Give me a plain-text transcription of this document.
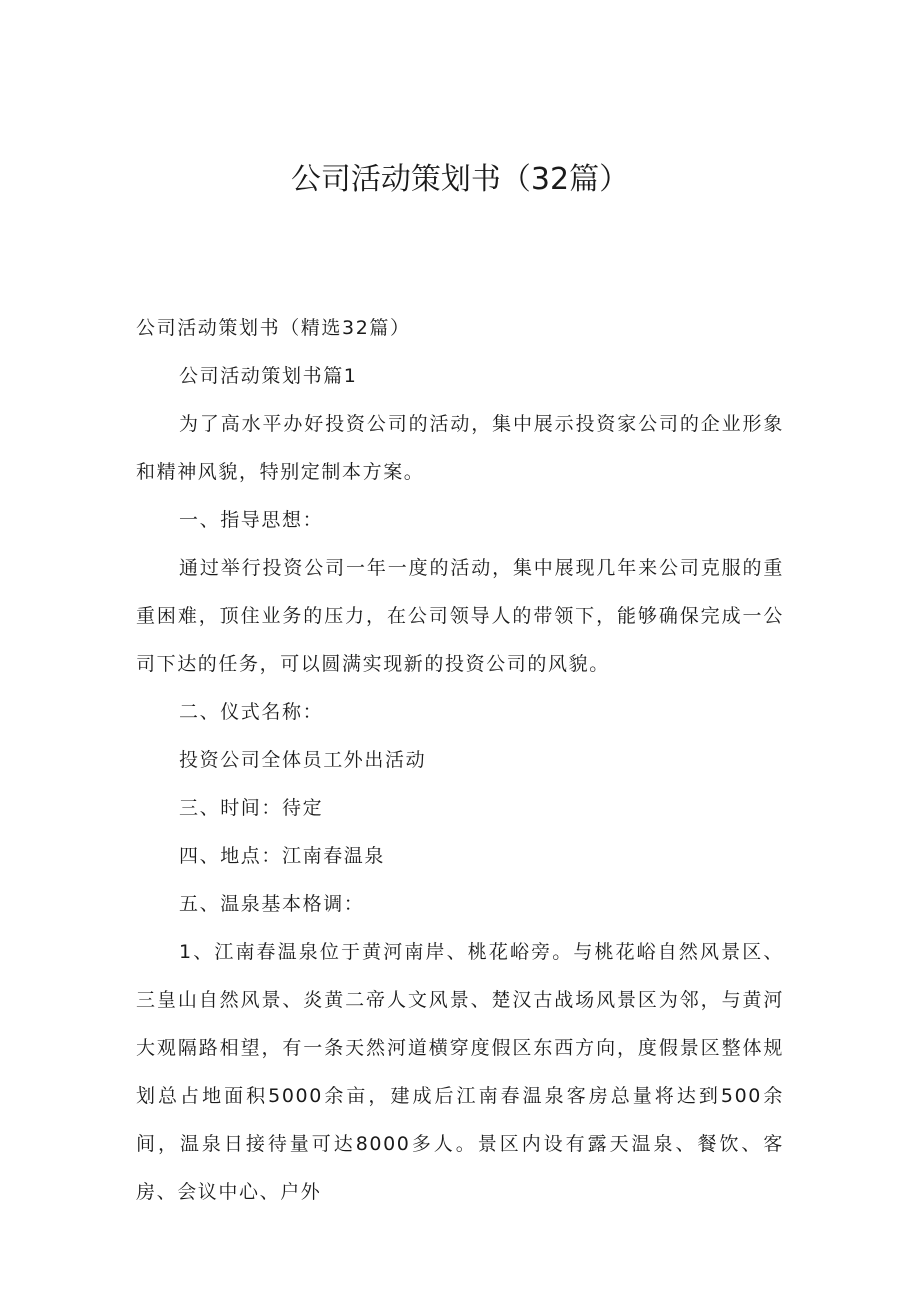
公司活动策划书（32篇）

公司活动策划书（精选32篇）

公司活动策划书篇1

为了高水平办好投资公司的活动，集中展示投资家公司的企业形象和精神风貌，特别定制本方案。

一、指导思想：

通过举行投资公司一年一度的活动，集中展现几年来公司克服的重重困难，顶住业务的压力，在公司领导人的带领下，能够确保完成一公司下达的任务，可以圆满实现新的投资公司的风貌。

二、仪式名称：

投资公司全体员工外出活动

三、时间：待定

四、地点：江南春温泉

五、温泉基本格调：

1、江南春温泉位于黄河南岸、桃花峪旁。与桃花峪自然风景区、三皇山自然风景、炎黄二帝人文风景、楚汉古战场风景区为邻，与黄河大观隔路相望，有一条天然河道横穿度假区东西方向，度假景区整体规划总占地面积5000余亩，建成后江南春温泉客房总量将达到500余间，温泉日接待量可达8000多人。景区内设有露天温泉、餐饮、客房、会议中心、户外
